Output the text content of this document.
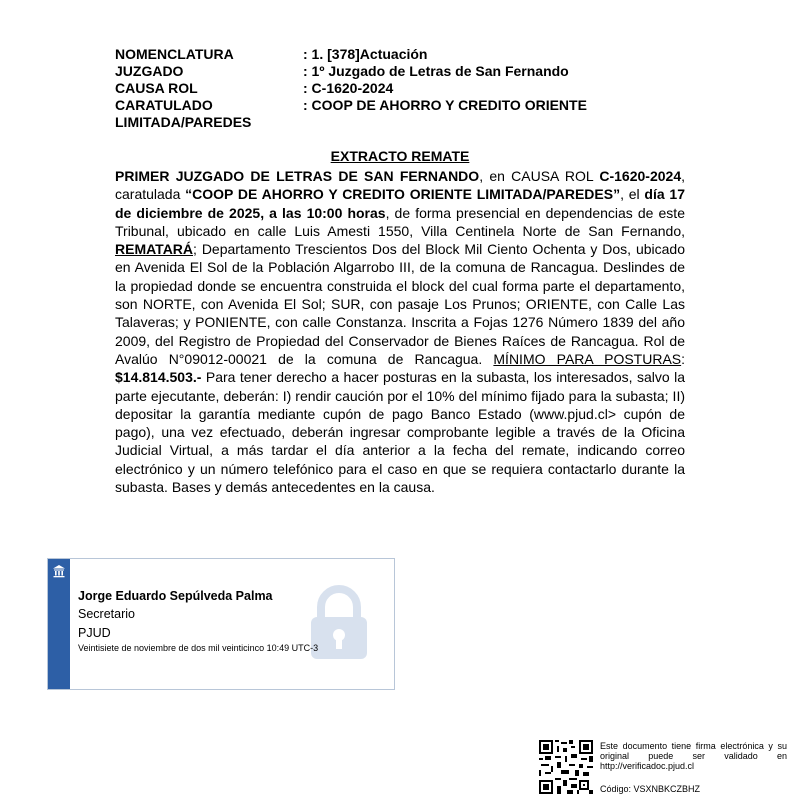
NOMENCLATURA	: 1. [378]Actuación
JUZGADO	: 1º Juzgado de Letras de San Fernando
CAUSA ROL	: C-1620-2024
CARATULADO	: COOP DE AHORRO Y CREDITO ORIENTE
LIMITADA/PAREDES
EXTRACTO REMATE

PRIMER JUZGADO DE LETRAS DE SAN FERNANDO, en CAUSA ROL C-1620-2024, caratulada “COOP DE AHORRO Y CREDITO ORIENTE LIMITADA/PAREDES”, el día 17 de diciembre de 2025, a las 10:00 horas, de forma presencial en dependencias de este Tribunal, ubicado en calle Luis Amesti 1550, Villa Centinela Norte de San Fernando, REMATARÁ; Departamento Trescientos Dos del Block Mil Ciento Ochenta y Dos, ubicado en Avenida El Sol de la Población Algarrobo III, de la comuna de Rancagua. Deslindes de la propiedad donde se encuentra construida el block del cual forma parte el departamento, son NORTE, con Avenida El Sol; SUR, con pasaje Los Prunos; ORIENTE, con Calle Las Talaveras; y PONIENTE, con calle Constanza. Inscrita a Fojas 1276 Número 1839 del año 2009, del Registro de Propiedad del Conservador de Bienes Raíces de Rancagua. Rol de Avalúo N°09012-00021 de la comuna de Rancagua. MÍNIMO PARA POSTURAS: $14.814.503.- Para tener derecho a hacer posturas en la subasta, los interesados, salvo la parte ejecutante, deberán: I) rendir caución por el 10% del mínimo fijado para la subasta; II) depositar la garantía mediante cupón de pago Banco Estado (www.pjud.cl> cupón de pago), una vez efectuado, deberán ingresar comprobante legible a través de la Oficina Judicial Virtual, a más tardar el día anterior a la fecha del remate, indicando correo electrónico y un número telefónico para el caso en que se requiera contactarlo durante la subasta. Bases y demás antecedentes en la causa.

Jorge Eduardo Sepúlveda Palma
Secretario
PJUD
Veintisiete de noviembre de dos mil veinticinco 10:49 UTC-3
Este documento tiene firma electrónica y su original puede ser validado en http://verificadoc.pjud.cl
Código: VSXNBKCZBHZ
